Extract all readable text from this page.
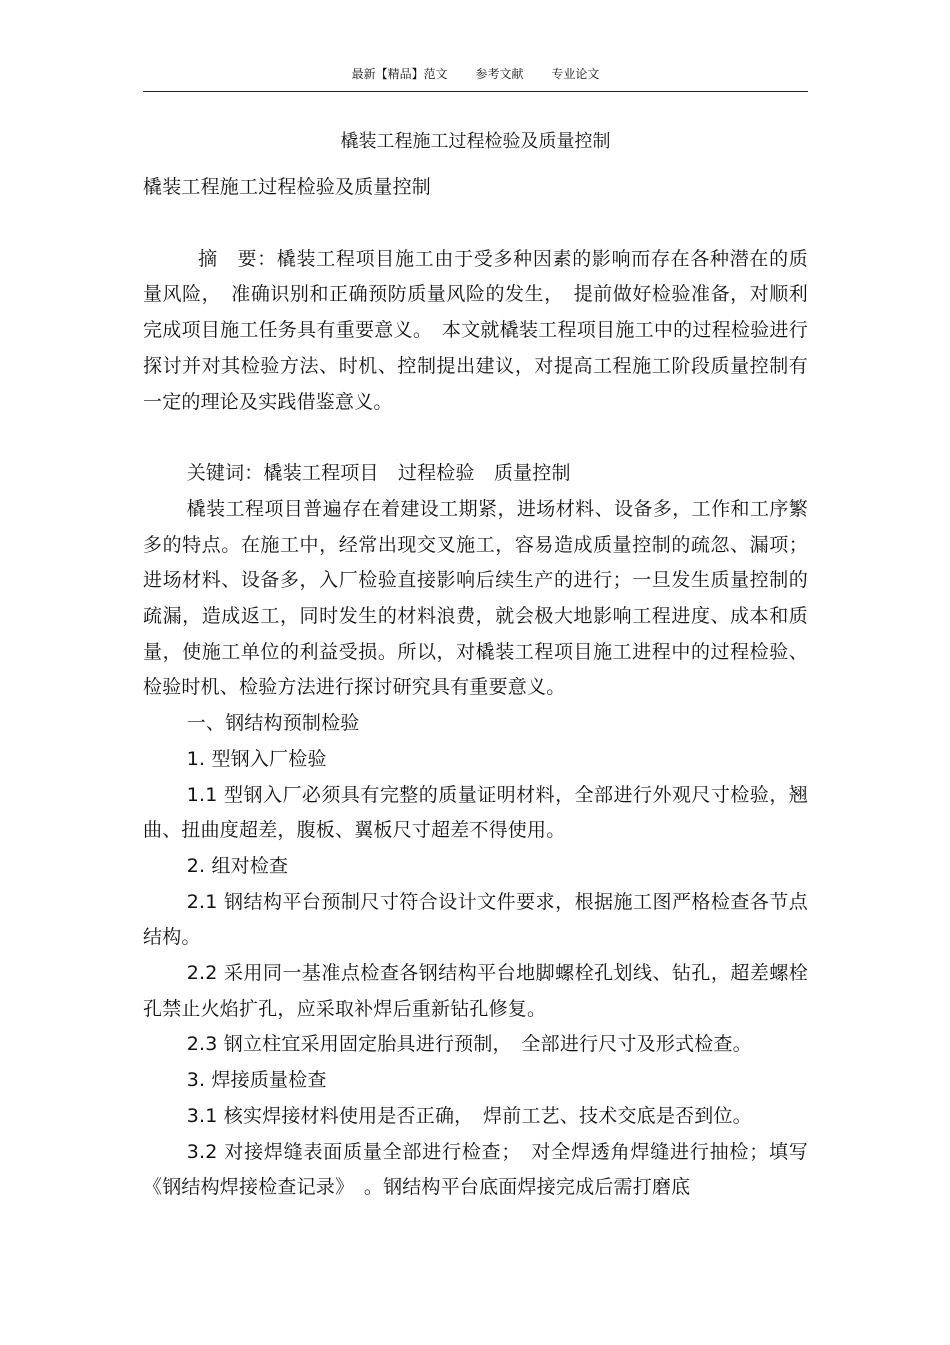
最新【精品】范文 参考文献 专业论文
橇装工程施工过程检验及质量控制

橇装工程施工过程检验及质量控制

摘　要：橇装工程项目施工由于受多种因素的影响而存在各种潜在的质量风险，　准确识别和正确预防质量风险的发生，　提前做好检验准备，对顺利完成项目施工任务具有重要意义。　本文就橇装工程项目施工中的过程检验进行探讨并对其检验方法、时机、控制提出建议，对提高工程施工阶段质量控制有一定的理论及实践借鉴意义。

关键词：橇装工程项目　过程检验　质量控制

橇装工程项目普遍存在着建设工期紧，进场材料、设备多，工作和工序繁多的特点。在施工中，经常出现交叉施工，容易造成质量控制的疏忽、漏项；进场材料、设备多，入厂检验直接影响后续生产的进行；一旦发生质量控制的疏漏，造成返工，同时发生的材料浪费，就会极大地影响工程进度、成本和质量，使施工单位的利益受损。所以，对橇装工程项目施工进程中的过程检验、检验时机、检验方法进行探讨研究具有重要意义。

一、钢结构预制检验

1. 型钢入厂检验

1.1 型钢入厂必须具有完整的质量证明材料，全部进行外观尺寸检验，翘曲、扭曲度超差，腹板、翼板尺寸超差不得使用。

2. 组对检查

2.1 钢结构平台预制尺寸符合设计文件要求，根据施工图严格检查各节点结构。

2.2 采用同一基准点检查各钢结构平台地脚螺栓孔划线、钻孔，超差螺栓孔禁止火焰扩孔，应采取补焊后重新钻孔修复。

2.3 钢立柱宜采用固定胎具进行预制，　全部进行尺寸及形式检查。

3. 焊接质量检查

3.1 核实焊接材料使用是否正确，　焊前工艺、技术交底是否到位。

3.2 对接焊缝表面质量全部进行检查；　对全焊透角焊缝进行抽检；填写《钢结构焊接检查记录》　。钢结构平台底面焊接完成后需打磨底
